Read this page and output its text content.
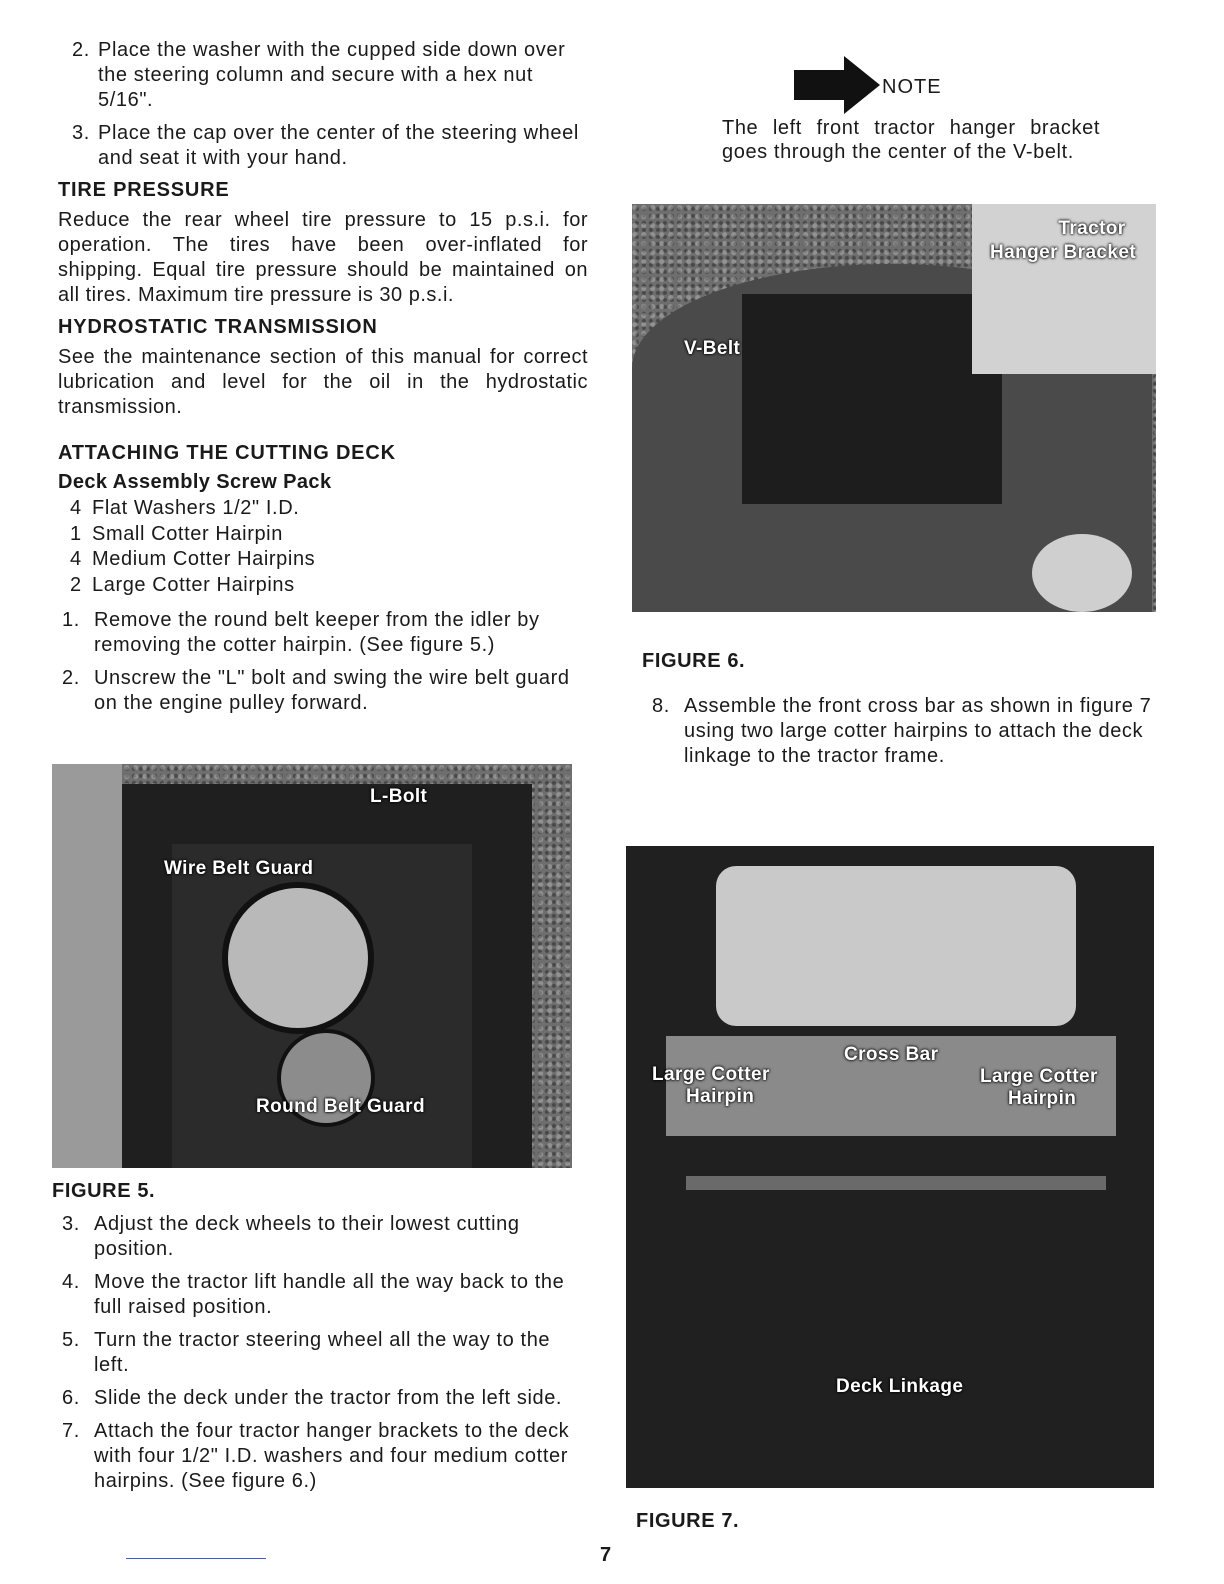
2. Place the washer with the cupped side down over the steering column and secure with a hex nut 5/16".
3. Place the cap over the center of the steering wheel and seat it with your hand.
TIRE PRESSURE
Reduce the rear wheel tire pressure to 15 p.s.i. for operation. The tires have been over-inflated for shipping. Equal tire pressure should be maintained on all tires. Maximum tire pressure is 30 p.s.i.
HYDROSTATIC TRANSMISSION
See the maintenance section of this manual for correct lubrication and level for the oil in the hydrostatic transmission.
ATTACHING THE CUTTING DECK
Deck Assembly Screw Pack
4 Flat Washers 1/2" I.D.
1 Small Cotter Hairpin
4 Medium Cotter Hairpins
2 Large Cotter Hairpins
1. Remove the round belt keeper from the idler by removing the cotter hairpin. (See figure 5.)
2. Unscrew the "L" bolt and swing the wire belt guard on the engine pulley forward.
L-Bolt
Wire Belt Guard
Round Belt Guard
FIGURE 5.
3. Adjust the deck wheels to their lowest cutting position.
4. Move the tractor lift handle all the way back to the full raised position.
5. Turn the tractor steering wheel all the way to the left.
6. Slide the deck under the tractor from the left side.
7. Attach the four tractor hanger brackets to the deck with four 1/2" I.D. washers and four medium cotter hairpins. (See figure 6.)
NOTE
The left front tractor hanger bracket goes through the center of the V-belt.
Tractor
Hanger Bracket
V-Belt
FIGURE 6.
8. Assemble the front cross bar as shown in figure 7 using two large cotter hairpins to attach the deck linkage to the tractor frame.
Large Cotter
Hairpin
Cross Bar
Large Cotter
Hairpin
Deck Linkage
FIGURE 7.
7
